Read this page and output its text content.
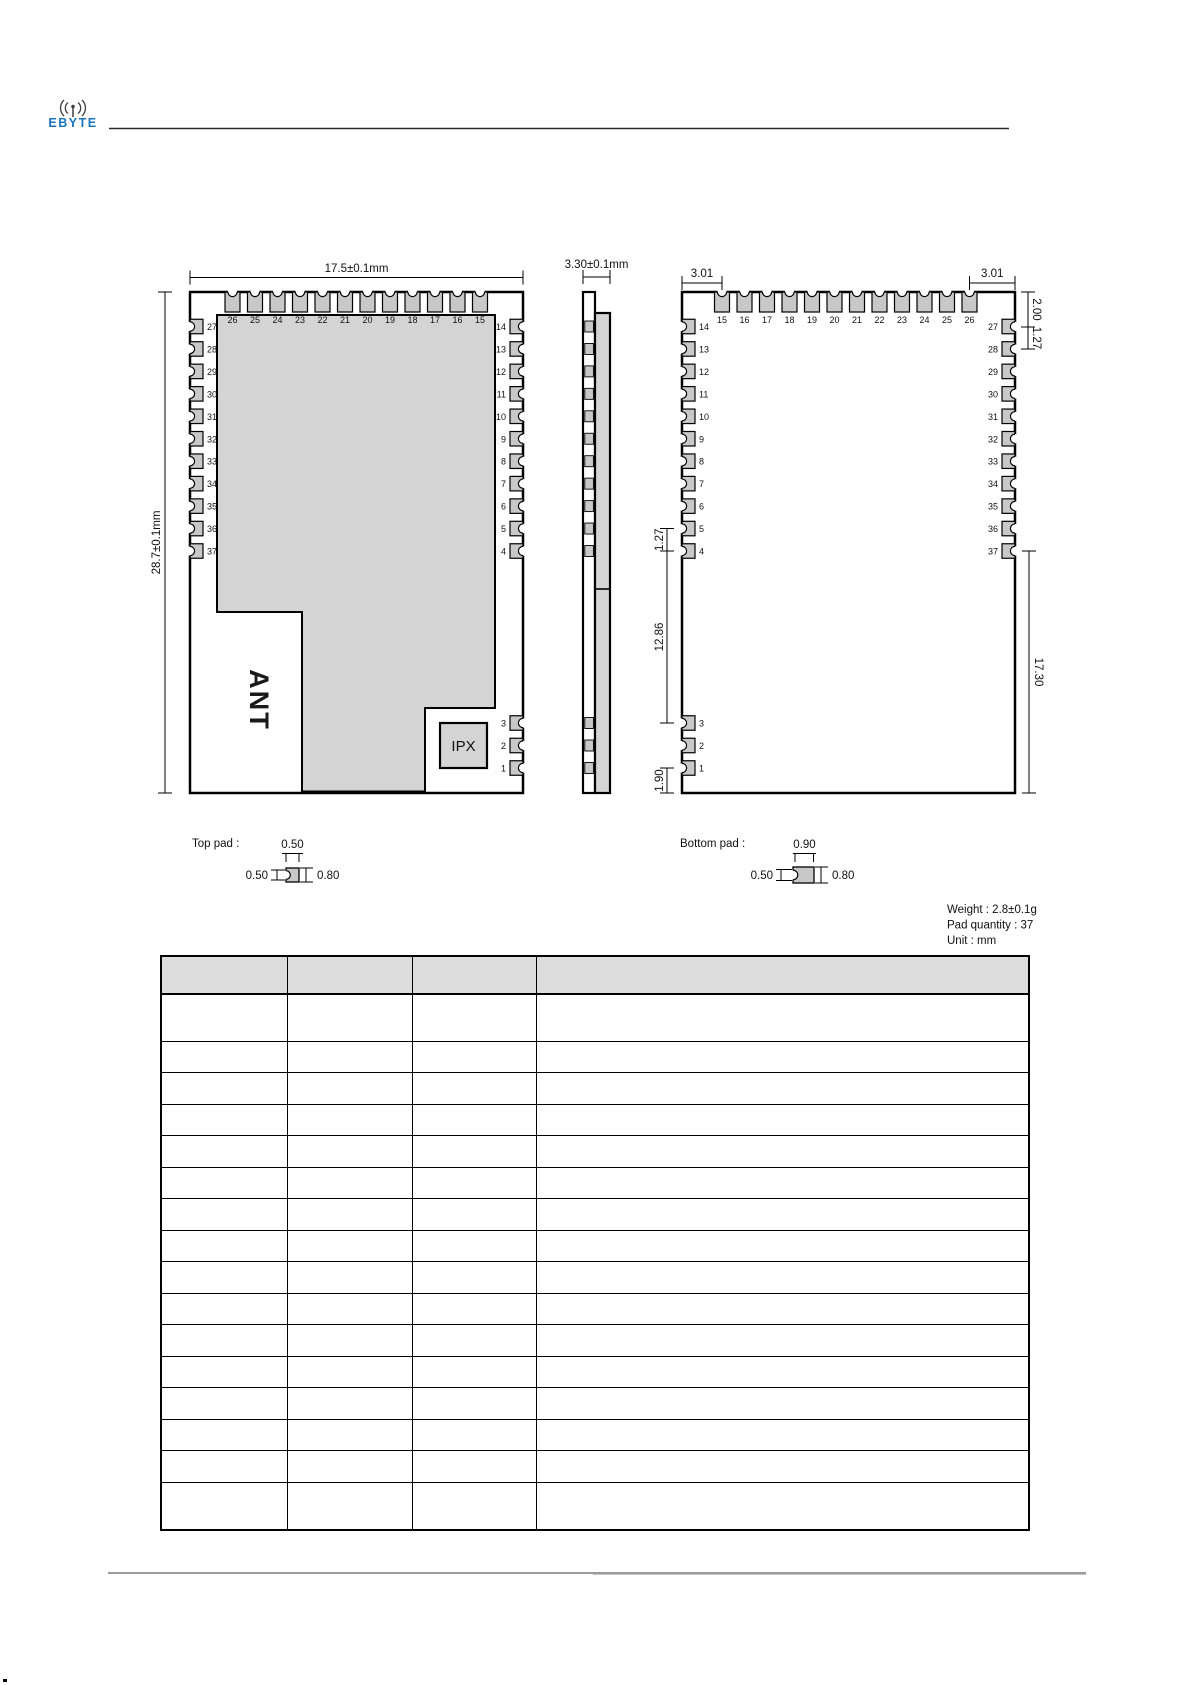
EBYTE
IPX
ANT
26 25 24 23 22 21 20 19 18 17 16 15
27
28
29
30
31
32
33
34
35
36
37
14
13
12
11
10
9
8
7
6
5
4
3
2
1
17.5±0.1mm
28.7±0.1mm
3.30±0.1mm
15 16 17 18 19 20 21 22 23 24 25 26
14
13
12
11
10
9
8
7
6
5
4
3
2
1
27
28
29
30
31
32
33
34
35
36
37
3.01	3.01
2.00
1.27
1.27
12.86
1.90
17.30
Top pad :	0.50
0.50	0.80
Bottom pad :	0.90
0.50	0.80
Weight : 2.8±0.1g
Pad quantity : 37
Unit : mm
